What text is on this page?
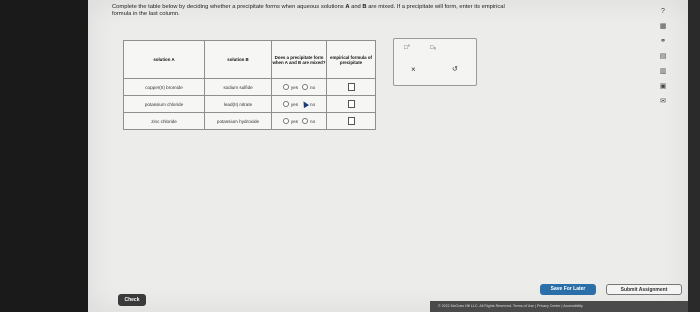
Complete the table below by deciding whether a precipitate forms when aqueous solutions A and B are mixed. If a precipitate will form, enter its empirical
formula in the last column.
solution A	solution B	Does a precipitate form when A and B are mixed?	empirical formula of precipitate
copper(II) bromide	sodium sulfide	yes no	

potassium chloride	lead(II) nitrate	yes no	

zinc chloride	potassium hydroxide	yes no	

□°	□₀
×	↺
?
▦
⚭
▤
▥
▣
✉
Check
Save For Later	Submit Assignment
© 2022 McGraw Hill LLC. All Rights Reserved. Terms of Use | Privacy Center | Accessibility
